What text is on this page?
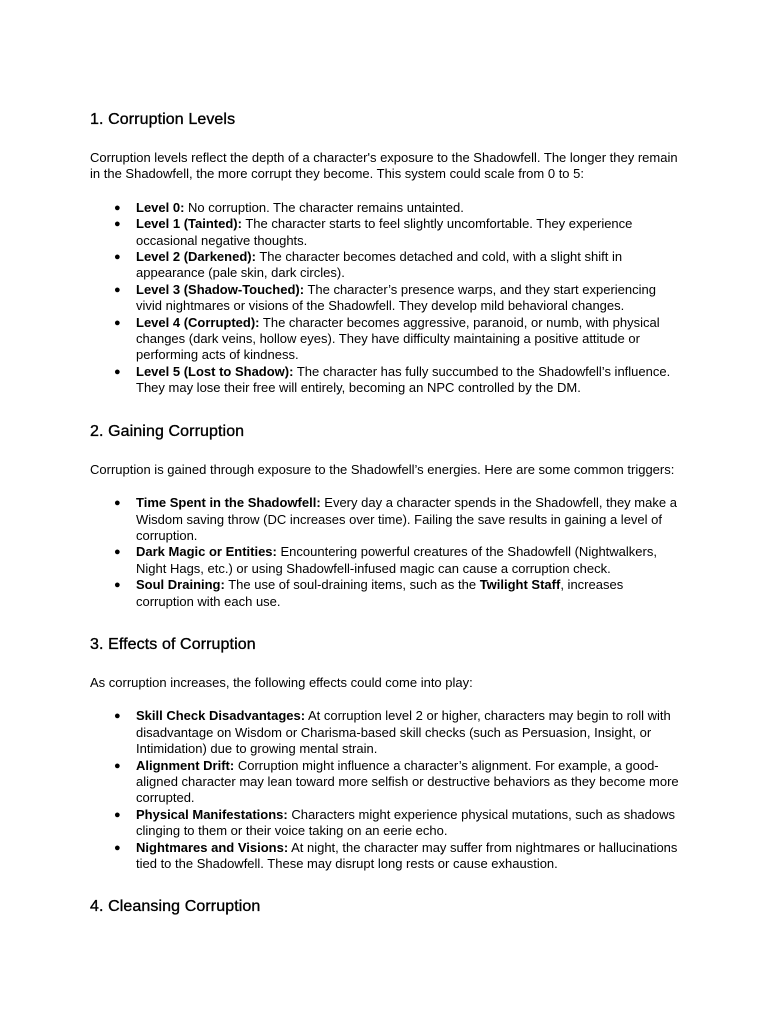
1. Corruption Levels

Corruption levels reflect the depth of a character's exposure to the Shadowfell. The longer they remain in the Shadowfell, the more corrupt they become. This system could scale from 0 to 5:

● Level 0: No corruption. The character remains untainted.
● Level 1 (Tainted): The character starts to feel slightly uncomfortable. They experience occasional negative thoughts.
● Level 2 (Darkened): The character becomes detached and cold, with a slight shift in appearance (pale skin, dark circles).
● Level 3 (Shadow-Touched): The character’s presence warps, and they start experiencing vivid nightmares or visions of the Shadowfell. They develop mild behavioral changes.
● Level 4 (Corrupted): The character becomes aggressive, paranoid, or numb, with physical changes (dark veins, hollow eyes). They have difficulty maintaining a positive attitude or performing acts of kindness.
● Level 5 (Lost to Shadow): The character has fully succumbed to the Shadowfell’s influence. They may lose their free will entirely, becoming an NPC controlled by the DM.
2. Gaining Corruption

Corruption is gained through exposure to the Shadowfell’s energies. Here are some common triggers:

● Time Spent in the Shadowfell: Every day a character spends in the Shadowfell, they make a Wisdom saving throw (DC increases over time). Failing the save results in gaining a level of corruption.
● Dark Magic or Entities: Encountering powerful creatures of the Shadowfell (Nightwalkers, Night Hags, etc.) or using Shadowfell-infused magic can cause a corruption check.
● Soul Draining: The use of soul-draining items, such as the Twilight Staff, increases corruption with each use.
3. Effects of Corruption

As corruption increases, the following effects could come into play:

● Skill Check Disadvantages: At corruption level 2 or higher, characters may begin to roll with disadvantage on Wisdom or Charisma-based skill checks (such as Persuasion, Insight, or Intimidation) due to growing mental strain.
● Alignment Drift: Corruption might influence a character’s alignment. For example, a good-aligned character may lean toward more selfish or destructive behaviors as they become more corrupted.
● Physical Manifestations: Characters might experience physical mutations, such as shadows clinging to them or their voice taking on an eerie echo.
● Nightmares and Visions: At night, the character may suffer from nightmares or hallucinations tied to the Shadowfell. These may disrupt long rests or cause exhaustion.
4. Cleansing Corruption
